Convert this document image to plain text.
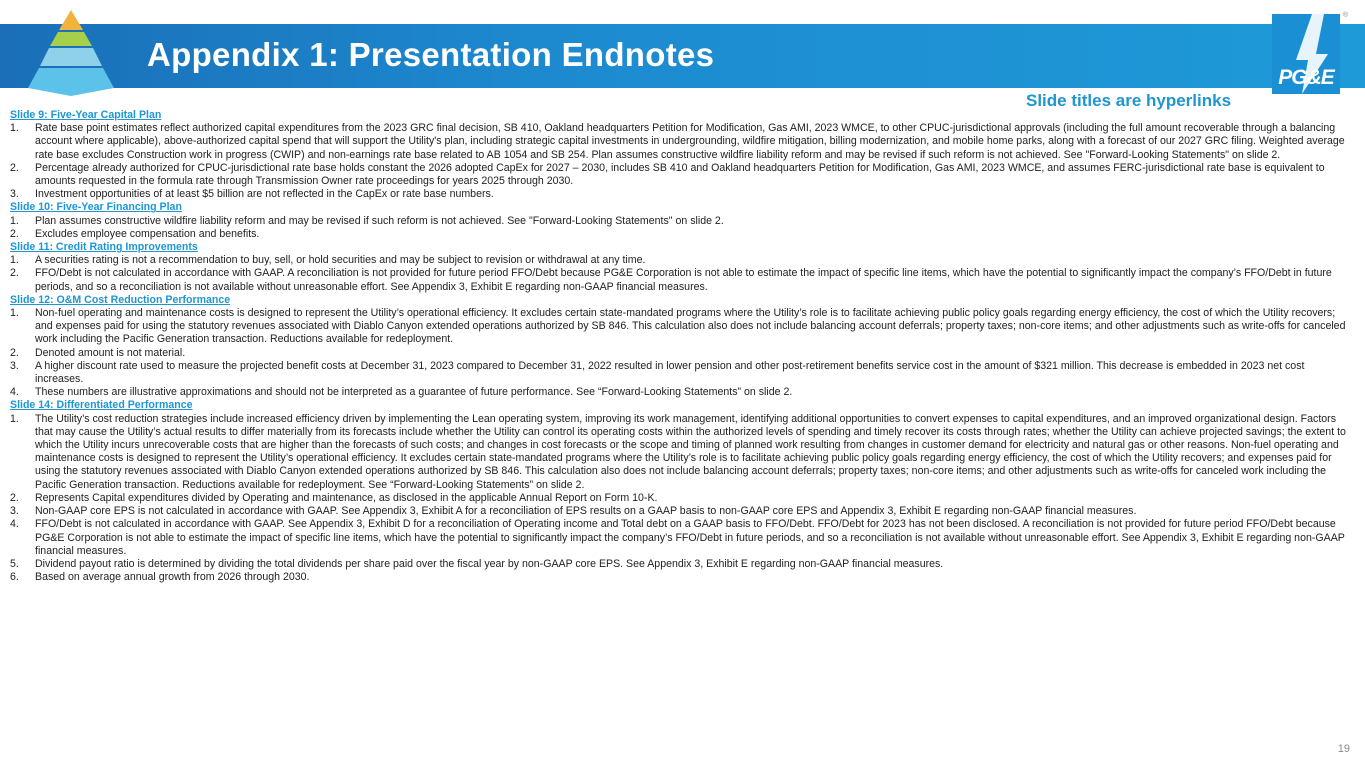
Appendix 1: Presentation Endnotes
PG&E
®
Slide titles are hyperlinks
Slide 9: Five-Year Capital Plan
1.	Rate base point estimates reflect authorized capital expenditures from the 2023 GRC final decision, SB 410, Oakland headquarters Petition for Modification, Gas AMI, 2023 WMCE, to other CPUC-jurisdictional approvals (including the full amount recoverable through a balancing account where applicable), above-authorized capital spend that will support the Utility's plan, including strategic capital investments in undergrounding, wildfire mitigation, billing modernization, and mobile home parks, along with a forecast of our 2027 GRC filing. Weighted average rate base excludes Construction work in progress (CWIP) and non-earnings rate base related to AB 1054 and SB 254. Plan assumes constructive wildfire liability reform and may be revised if such reform is not achieved. See "Forward-Looking Statements" on slide 2.
2.	Percentage already authorized for CPUC-jurisdictional rate base holds constant the 2026 adopted CapEx for 2027 – 2030, includes SB 410 and Oakland headquarters Petition for Modification, Gas AMI, 2023 WMCE, and assumes FERC-jurisdictional rate base is equivalent to amounts requested in the formula rate through Transmission Owner rate proceedings for years 2025 through 2030.
3.	Investment opportunities of at least $5 billion are not reflected in the CapEx or rate base numbers.
Slide 10: Five-Year Financing Plan
1.	Plan assumes constructive wildfire liability reform and may be revised if such reform is not achieved. See "Forward-Looking Statements" on slide 2.
2.	Excludes employee compensation and benefits.
Slide 11: Credit Rating Improvements
1.	A securities rating is not a recommendation to buy, sell, or hold securities and may be subject to revision or withdrawal at any time.
2.	FFO/Debt is not calculated in accordance with GAAP. A reconciliation is not provided for future period FFO/Debt because PG&E Corporation is not able to estimate the impact of specific line items, which have the potential to significantly impact the company’s FFO/Debt in future periods, and so a reconciliation is not available without unreasonable effort. See Appendix 3, Exhibit E regarding non-GAAP financial measures.
Slide 12: O&M Cost Reduction Performance
1.	Non-fuel operating and maintenance costs is designed to represent the Utility’s operational efficiency. It excludes certain state-mandated programs where the Utility’s role is to facilitate achieving public policy goals regarding energy efficiency, the cost of which the Utility recovers; and expenses paid for using the statutory revenues associated with Diablo Canyon extended operations authorized by SB 846. This calculation also does not include balancing account deferrals; property taxes; non-core items; and other adjustments such as write-offs for canceled work including the Pacific Generation transaction. Reductions available for redeployment.
2.	Denoted amount is not material.
3.	A higher discount rate used to measure the projected benefit costs at December 31, 2023 compared to December 31, 2022 resulted in lower pension and other post-retirement benefits service cost in the amount of $321 million. This decrease is embedded in 2023 net cost increases.
4.	These numbers are illustrative approximations and should not be interpreted as a guarantee of future performance. See “Forward-Looking Statements” on slide 2.
Slide 14: Differentiated Performance
1.	The Utility’s cost reduction strategies include increased efficiency driven by implementing the Lean operating system, improving its work management, identifying additional opportunities to convert expenses to capital expenditures, and an improved organizational design. Factors that may cause the Utility’s actual results to differ materially from its forecasts include whether the Utility can control its operating costs within the authorized levels of spending and timely recover its costs through rates; whether the Utility can achieve projected savings; the extent to which the Utility incurs unrecoverable costs that are higher than the forecasts of such costs; and changes in cost forecasts or the scope and timing of planned work resulting from changes in customer demand for electricity and natural gas or other reasons. Non-fuel operating and maintenance costs is designed to represent the Utility’s operational efficiency. It excludes certain state-mandated programs where the Utility’s role is to facilitate achieving public policy goals regarding energy efficiency, the cost of which the Utility recovers; and expenses paid for using the statutory revenues associated with Diablo Canyon extended operations authorized by SB 846. This calculation also does not include balancing account deferrals; property taxes; non-core items; and other adjustments such as write-offs for canceled work including the Pacific Generation transaction. Reductions available for redeployment. See “Forward-Looking Statements” on slide 2.
2.	Represents Capital expenditures divided by Operating and maintenance, as disclosed in the applicable Annual Report on Form 10-K.
3.	Non-GAAP core EPS is not calculated in accordance with GAAP. See Appendix 3, Exhibit A for a reconciliation of EPS results on a GAAP basis to non-GAAP core EPS and Appendix 3, Exhibit E regarding non-GAAP financial measures.
4.	FFO/Debt is not calculated in accordance with GAAP. See Appendix 3, Exhibit D for a reconciliation of Operating income and Total debt on a GAAP basis to FFO/Debt. FFO/Debt for 2023 has not been disclosed. A reconciliation is not provided for future period FFO/Debt because PG&E Corporation is not able to estimate the impact of specific line items, which have the potential to significantly impact the company’s FFO/Debt in future periods, and so a reconciliation is not available without unreasonable effort. See Appendix 3, Exhibit E regarding non-GAAP financial measures.
5.	Dividend payout ratio is determined by dividing the total dividends per share paid over the fiscal year by non-GAAP core EPS. See Appendix 3, Exhibit E regarding non-GAAP financial measures.
6.	Based on average annual growth from 2026 through 2030.
19
